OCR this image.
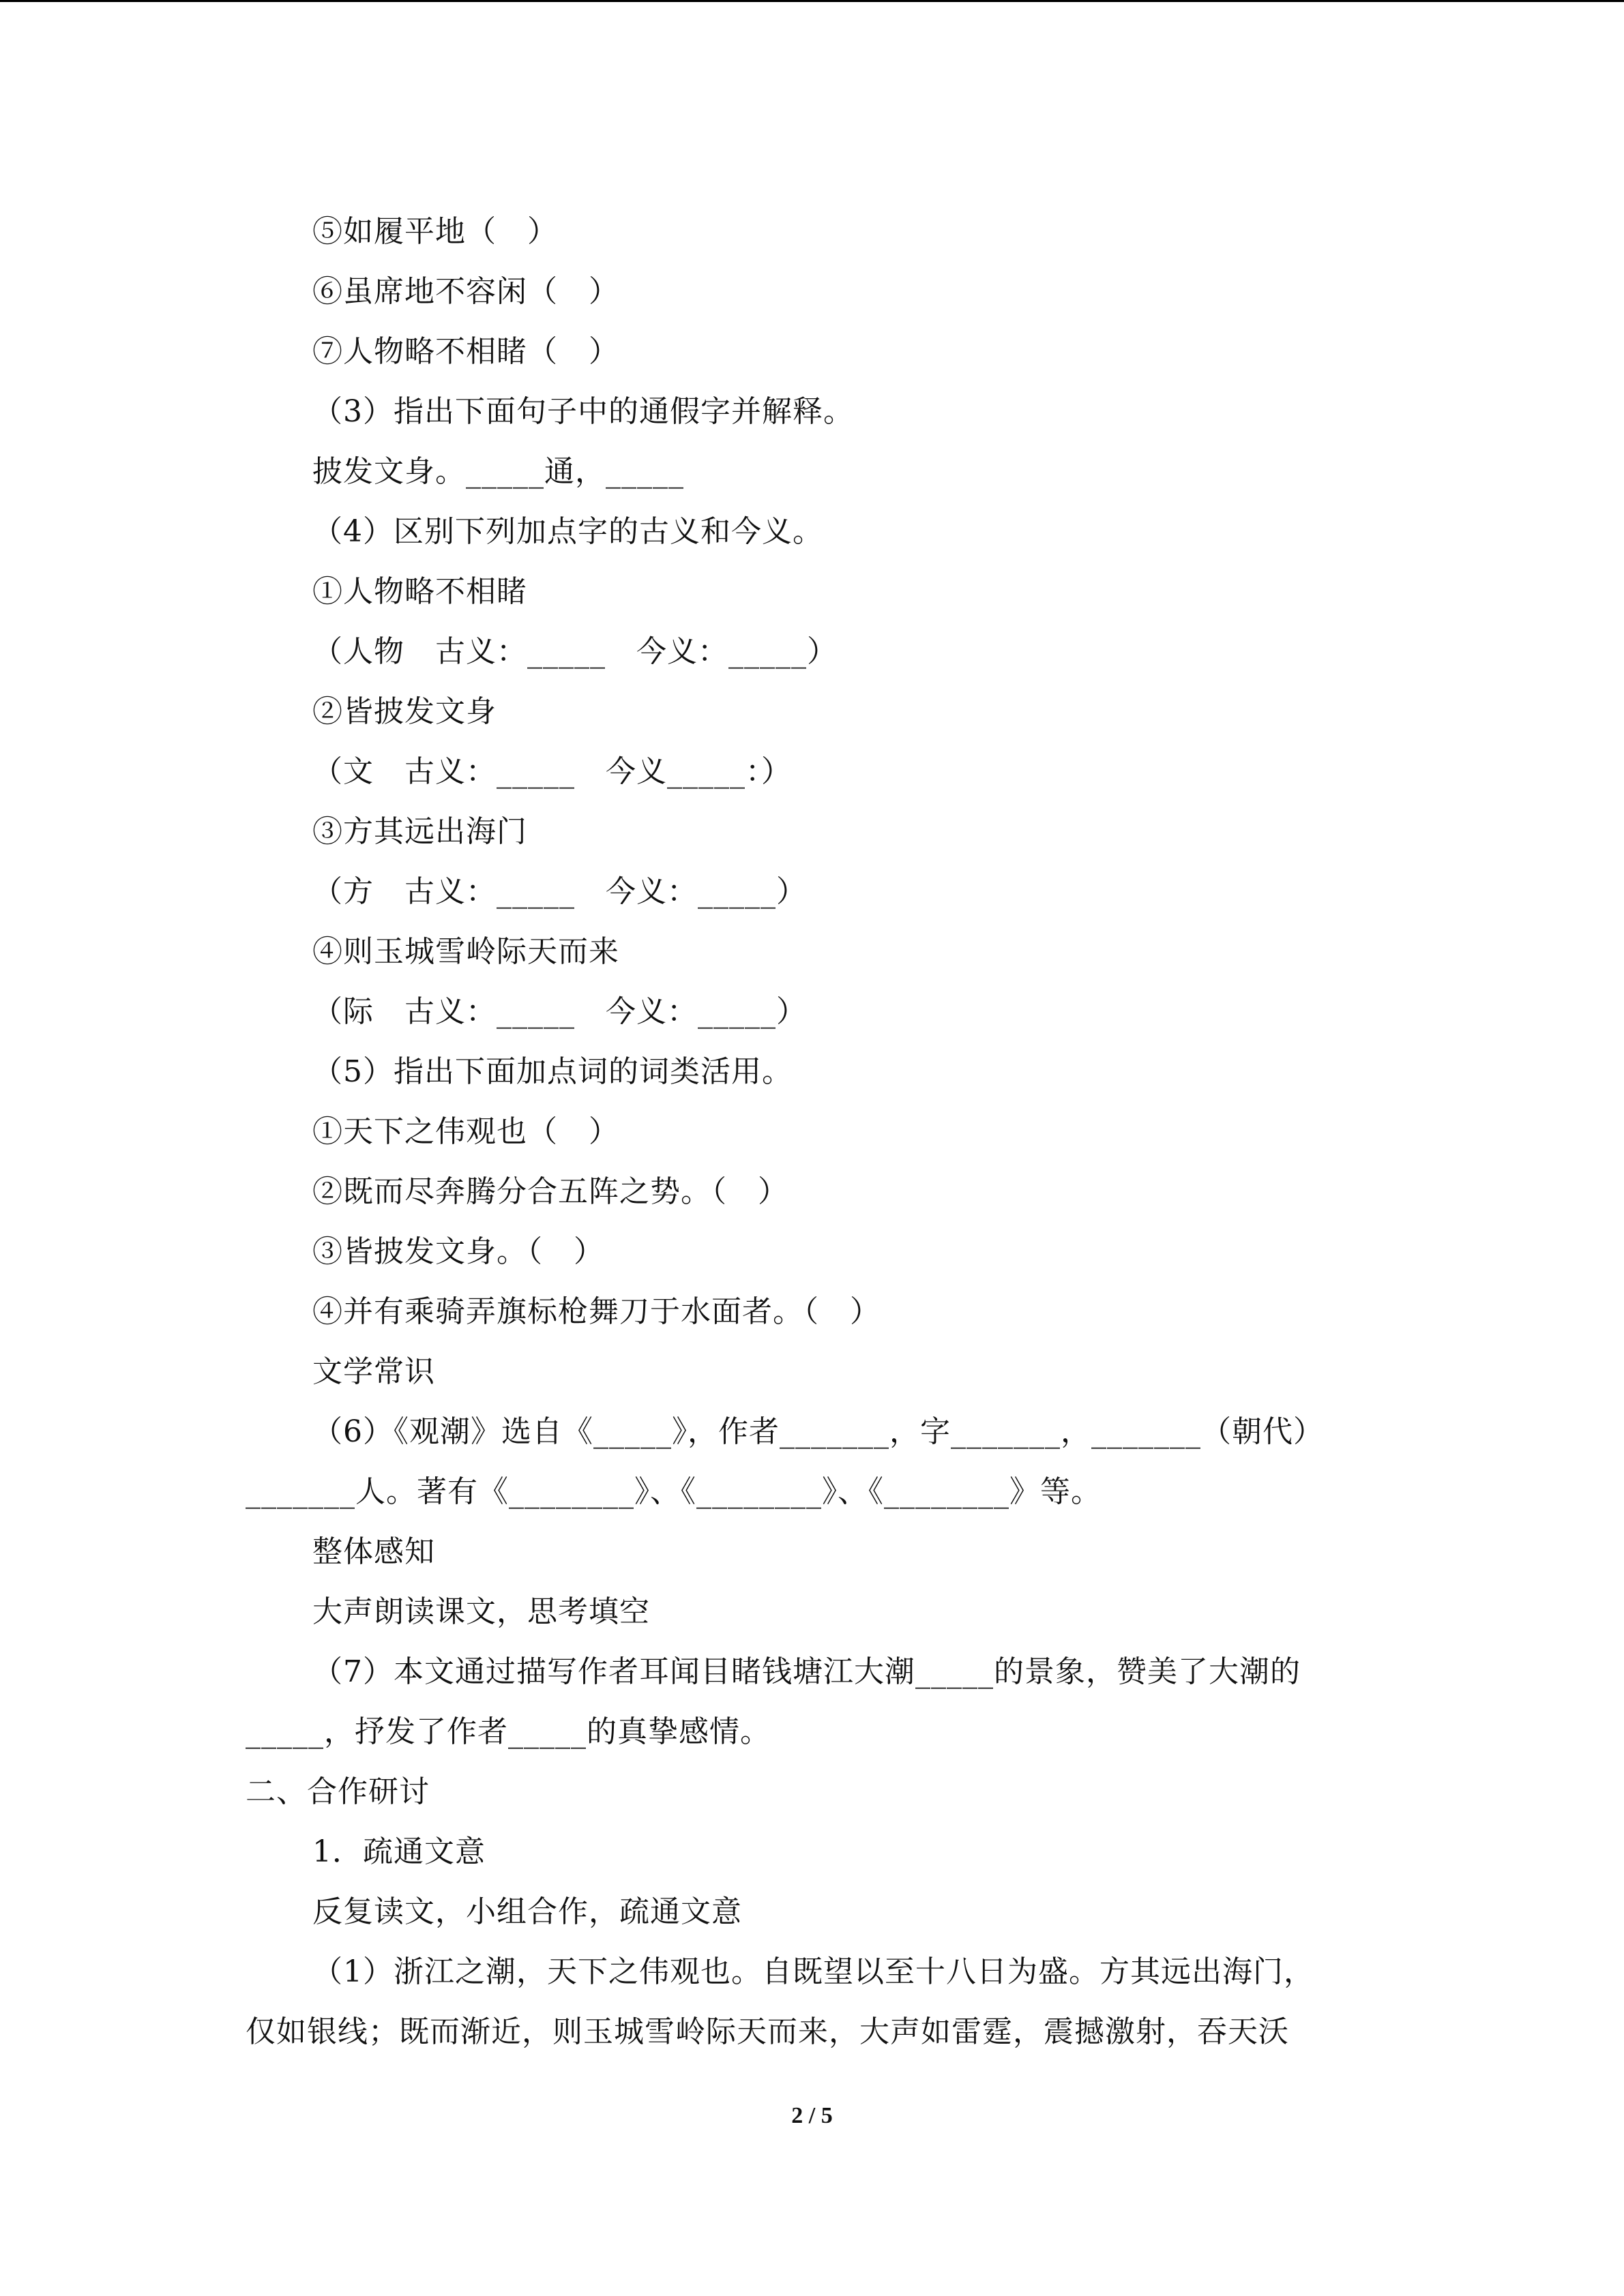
⑤如履平地（　）
⑥虽席地不容闲（　）
⑦人物略不相睹（　）
（3）指出下面句子中的通假字并解释。
披发文身。_____通，_____
（4）区别下列加点字的古义和今义。
①人物略不相睹
（人物　古义：_____　今义：_____）
②皆披发文身
（文　古义：_____　今义_____：）
③方其远出海门
（方　古义：_____　今义：_____）
④则玉城雪岭际天而来
（际　古义：_____　今义：_____）
（5）指出下面加点词的词类活用。
①天下之伟观也（　）
②既而尽奔腾分合五阵之势。（　）
③皆披发文身。（　）
④并有乘骑弄旗标枪舞刀于水面者。（　）
文学常识
（6）《观潮》选自《_____》，作者_______，字_______，_______（朝代）
_______人。著有《________》、《________》、《________》等。
整体感知
大声朗读课文，思考填空
（7）本文通过描写作者耳闻目睹钱塘江大潮_____的景象，赞美了大潮的
_____，抒发了作者_____的真挚感情。
二、合作研讨
1．疏通文意
反复读文，小组合作，疏通文意
（1）浙江之潮，天下之伟观也。自既望以至十八日为盛。方其远出海门，
仅如银线；既而渐近，则玉城雪岭际天而来，大声如雷霆，震撼激射，吞天沃
2 / 5
